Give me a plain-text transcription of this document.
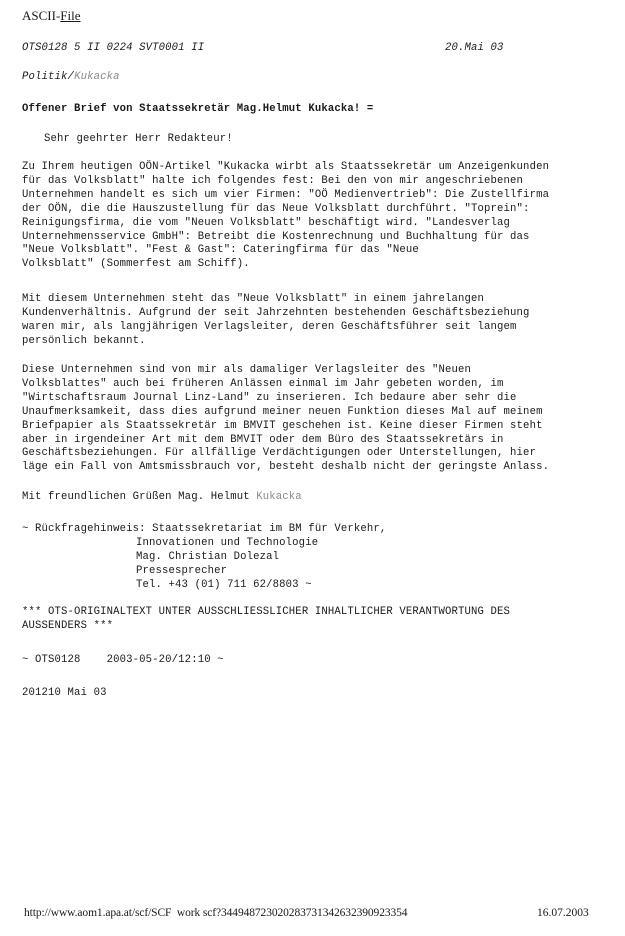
ASCII-File
OTS0128 5 II 0224 SVT0001 II	20.Mai 03
Politik/Kukacka
Offener Brief von Staatssekretär Mag.Helmut Kukacka! =
Sehr geehrter Herr Redakteur!
Zu Ihrem heutigen OÖN-Artikel "Kukacka wirbt als Staatssekretär um Anzeigenkunden
für das Volksblatt" halte ich folgendes fest: Bei den von mir angeschriebenen
Unternehmen handelt es sich um vier Firmen: "OÖ Medienvertrieb": Die Zustellfirma
der OÖN, die die Hauszustellung für das Neue Volksblatt durchführt. "Toprein":
Reinigungsfirma, die vom "Neuen Volksblatt" beschäftigt wird. "Landesverlag
Unternehmensservice GmbH": Betreibt die Kostenrechnung und Buchhaltung für das
"Neue Volksblatt". "Fest & Gast": Cateringfirma für das "Neue
Volksblatt" (Sommerfest am Schiff).
Mit diesem Unternehmen steht das "Neue Volksblatt" in einem jahrelangen
Kundenverhältnis. Aufgrund der seit Jahrzehnten bestehenden Geschäftsbeziehung
waren mir, als langjährigen Verlagsleiter, deren Geschäftsführer seit langem
persönlich bekannt.
Diese Unternehmen sind von mir als damaliger Verlagsleiter des "Neuen
Volksblattes" auch bei früheren Anlässen einmal im Jahr gebeten worden, im
"Wirtschaftsraum Journal Linz-Land" zu inserieren. Ich bedaure aber sehr die
Unaufmerksamkeit, dass dies aufgrund meiner neuen Funktion dieses Mal auf meinem
Briefpapier als Staatssekretär im BMVIT geschehen ist. Keine dieser Firmen steht
aber in irgendeiner Art mit dem BMVIT oder dem Büro des Staatssekretärs in
Geschäftsbeziehungen. Für allfällige Verdächtigungen oder Unterstellungen, hier
läge ein Fall von Amtsmissbrauch vor, besteht deshalb nicht der geringste Anlass.
Mit freundlichen Grüßen Mag. Helmut Kukacka
~ Rückfragehinweis: Staatssekretariat im BM für Verkehr,
Innovationen und Technologie
Mag. Christian Dolezal
Pressesprecher
Tel. +43 (01) 711 62/8803 ~
*** OTS-ORIGINALTEXT UNTER AUSSCHLIESSLICHER INHALTLICHER VERANTWORTUNG DES
AUSSENDERS ***
~ OTS0128    2003-05-20/12:10 ~
201210 Mai 03
http://www.aom1.apa.at/scf/SCF  work scf?344948723020283731342632390923354	16.07.2003
